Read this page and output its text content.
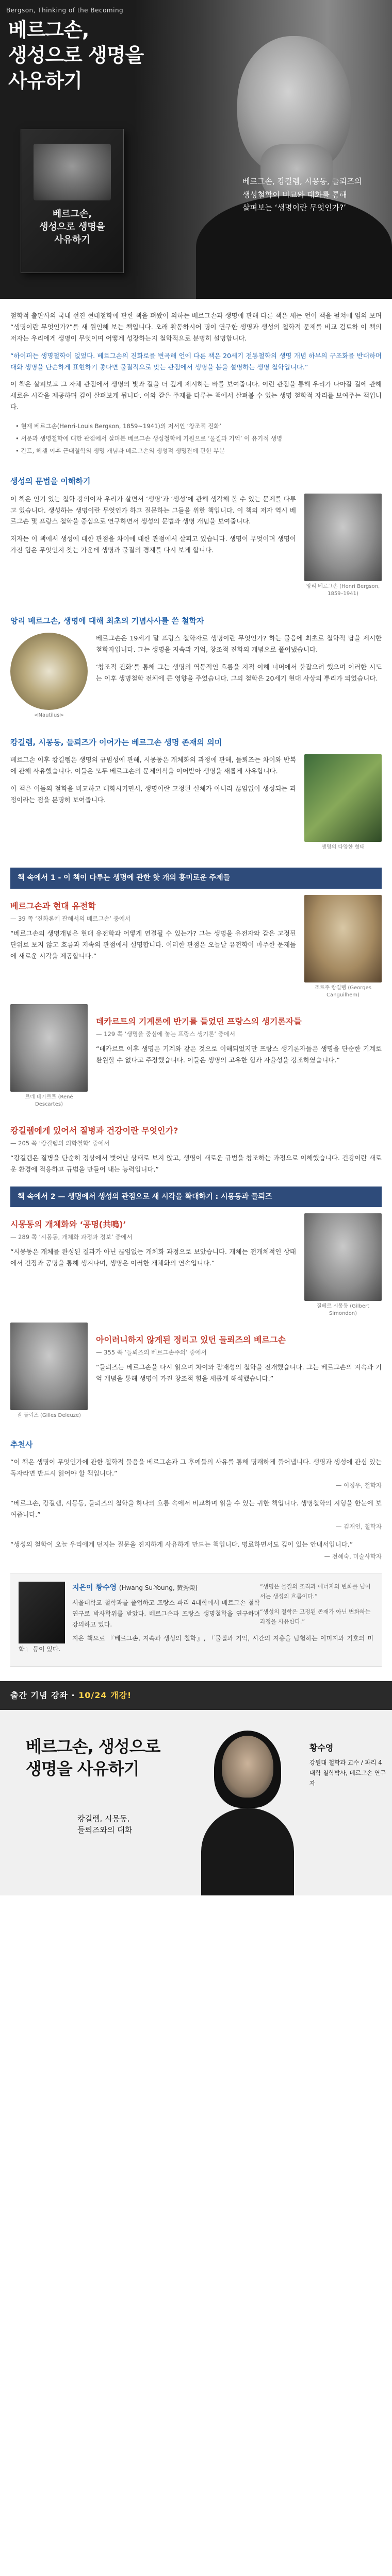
Bergson, Thinking of the Becoming
베르그손,
생성으로 생명을
사유하기
베르그손,
생성으로 생명을
사유하기
베르그손, 캉길렘, 시몽동, 들뢰즈의
생성철학이 비교와 대화를 통해
살펴보는 ‘생명이란 무엇인가?’

철학적 출판사의 국내 선진 현대철학에 관한 책을 펴왔어 의하는 베르그손과 생명에 관해 다룬 책은 새는 언이 책을 펼쳐에 엄의 보며 “생명이란 무엇인가?”를 새 원인해 보는 책입니다. 오래 활동하시어 명이 연구한 생명과 생성의 철학적 문제를 비교 검토하 이 책의 저자는 우리에게 생명이 무엇이며 어떻게 성장하는지 철학적으로 분명히 설명합니다.

“하이퍼는 생명철학이 없었다. 베르그손의 진화로를 변곡해 언에 다룬 책은 20세기 전통철학의 생명 개념 하부의 구조화를 반대하며 대화 생명을 단순하게 표현하기 좋다면 물질적으로 맞는 관점에서 생명을 봄을 설명하는 생명 철학입니다.”

이 책은 살펴보고 그 자체 관점에서 생명의 빛과 길을 더 깊게 제시하는 바를 보여줍니다. 이런 관점을 통해 우리가 나아갈 길에 관해 새로운 시각을 제공하며 깊이 살펴보게 됩니다. 이와 같은 주제를 다루는 책에서 살펴볼 수 있는 생명 철학적 자리를 보여주는 책입니다.

• 현재 베르그손(Henri-Louis Bergson, 1859~1941)의 저서인 ‘창조적 진화’
• 서문과 생명철학에 대한 관점에서 살펴본 베르그손 생성철학에 기원으로 ‘물질과 기억’ 이 유기적 생명
• 칸트, 헤겔 이후 근대철학의 생명 개념과 베르그손의 생성적 생명관에 관한 부분
생성의 문법을 이해하기
앙리 베르그손 (Henri Bergson, 1859–1941)

이 책은 인기 있는 철학 강의이자 우리가 살면서 ‘생명’과 ‘생성’에 관해 생각해 볼 수 있는 문제를 다루고 있습니다. 생성하는 생명이란 무엇인가 하고 질문하는 그들을 위한 책입니다. 이 책의 저자 역시 베르그손 및 프랑스 철학을 중심으로 연구하면서 생성의 문법과 생명 개념을 보여줍니다.

저자는 이 책에서 생성에 대한 관점을 차이에 대한 관점에서 살피고 있습니다. 생명이 무엇이며 생명이 가진 힘은 무엇인지 찾는 가운데 생명과 물질의 경계를 다시 보게 합니다.

앙리 베르그손, 생명에 대해 최초의 기념사사를 쓴 철학자
<Nautilus>

베르그손은 19세기 말 프랑스 철학자로 생명이란 무엇인가? 하는 물음에 최초로 철학적 답을 제시한 철학자입니다. 그는 생명을 지속과 기억, 창조적 진화의 개념으로 풀어냈습니다.

‘창조적 진화’를 통해 그는 생명의 역동적인 흐름을 지적 이해 너머에서 붙잡으려 했으며 이러한 시도는 이후 생명철학 전체에 큰 영향을 주었습니다. 그의 철학은 20세기 현대 사상의 뿌리가 되었습니다.

캉길렘, 시몽동, 들뢰즈가 이어가는 베르그손 생명 존재의 의미
생명의 다양한 형태

베르그손 이후 캉길렘은 생명의 규범성에 관해, 시몽동은 개체화의 과정에 관해, 들뢰즈는 차이와 반복에 관해 사유했습니다. 이들은 모두 베르그손의 문제의식을 이어받아 생명을 새롭게 사유합니다.

이 책은 이들의 철학을 비교하고 대화시키면서, 생명이란 고정된 실체가 아니라 끊임없이 생성되는 과정이라는 점을 분명히 보여줍니다.

책 속에서 1 - 이 책이 다루는 생명에 관한 핫 개의 흥미로운 주제들
조르주 캉길렘 (Georges Canguilhem)
베르그손과 현대 유전학
— 39 쪽 ‘진화론에 관해서의 베르그손’ 중에서

“베르그손의 생명개념은 현대 유전학과 어떻게 연결될 수 있는가? 그는 생명을 유전자와 같은 고정된 단위로 보지 않고 흐름과 지속의 관점에서 설명합니다. 이러한 관점은 오늘날 유전학이 마주한 문제들에 새로운 시각을 제공합니다.”

르네 데카르트 (René Descartes)
데카르트의 기계론에 반기를 들었던 프랑스의 생기론자들
— 129 쪽 ‘생명을 중심에 놓는 프랑스 생기론’ 중에서

“데카르트 이후 생명은 기계와 같은 것으로 이해되었지만 프랑스 생기론자들은 생명을 단순한 기계로 환원할 수 없다고 주장했습니다. 이들은 생명의 고유한 힘과 자율성을 강조하였습니다.”

캉길렘에게 있어서 질병과 건강이란 무엇인가?
— 205 쪽 ‘캉길렘의 의학철학’ 중에서

“캉길렘은 질병을 단순히 정상에서 벗어난 상태로 보지 않고, 생명이 새로운 규범을 창조하는 과정으로 이해했습니다. 건강이란 새로운 환경에 적응하고 규범을 만들어 내는 능력입니다.”

책 속에서 2 — 생명에서 생성의 관점으로 새 시각을 확대하기 : 시몽동과 들뢰즈
질베르 시몽동 (Gilbert Simondon)
시몽동의 개체화와 ‘공명(共鳴)’
— 289 쪽 ‘시몽동, 개체화 과정과 정보’ 중에서

“시몽동은 개체를 완성된 결과가 아닌 끊임없는 개체화 과정으로 보았습니다. 개체는 전개체적인 상태에서 긴장과 공명을 통해 생겨나며, 생명은 이러한 개체화의 연속입니다.”

질 들뢰즈 (Gilles Deleuze)
아이러니하지 않게된 정리고 있던 들뢰즈의 베르그손
— 355 쪽 ‘들뢰즈의 베르그손주의’ 중에서

“들뢰즈는 베르그손을 다시 읽으며 차이와 잠재성의 철학을 전개했습니다. 그는 베르그손의 지속과 기억 개념을 통해 생명이 가진 창조적 힘을 새롭게 해석했습니다.”

추천사
“이 책은 생명이 무엇인가에 관한 철학적 물음을 베르그손과 그 후예들의 사유를 통해 명쾌하게 풀어냅니다. 생명과 생성에 관심 있는 독자라면 반드시 읽어야 할 책입니다.”
— 이정우, 철학자
“베르그손, 캉길렘, 시몽동, 들뢰즈의 철학을 하나의 흐름 속에서 비교하며 읽을 수 있는 귀한 책입니다. 생명철학의 지형을 한눈에 보여줍니다.”
— 김재인, 철학자
“생성의 철학이 오늘 우리에게 던지는 질문을 진지하게 사유하게 만드는 책입니다. 명료하면서도 깊이 있는 안내서입니다.”
— 전혜숙, 미술사학자
“생명은 물질의 조직과 에너지의 변화를 넘어서는 생성의 흐름이다.”
“생성의 철학은 고정된 존재가 아닌 변화하는 과정을 사유한다.”
지은이 황수영 (Hwang Su-Young, 黃秀榮)

서울대학교 철학과를 졸업하고 프랑스 파리 4대학에서 베르그손 철학 연구로 박사학위를 받았다. 베르그손과 프랑스 생명철학을 연구하며 강의하고 있다.

지은 책으로 『베르그손, 지속과 생성의 철학』, 『물질과 기억, 시간의 지층을 탐험하는 이미지와 기호의 미학』 등이 있다.

출간 기념 강좌 · 10/24 개강!
베르그손, 생성으로
생명을 사유하기
캉길렘, 시몽동,
들뢰즈와의 대화
황수영
강원대 철학과 교수 / 파리 4대학 철학박사, 베르그손 연구자
